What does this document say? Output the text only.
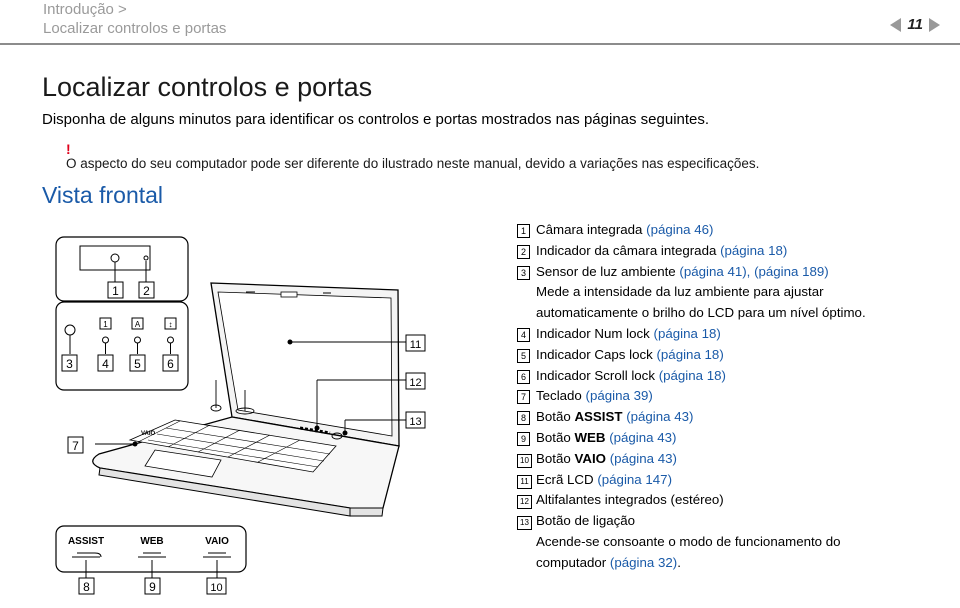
Introdução >
Localizar controlos e portas	11
Localizar controlos e portas
Disponha de alguns minutos para identificar os controlos e portas mostrados nas páginas seguintes.
!
O aspecto do seu computador pode ser diferente do ilustrado neste manual, devido a variações nas especificações.
Vista frontal
1	A	↕
ASSIST	WEB	VAIO
VAIO
1 2
3 4 5 6
7
8	9	10
11
12
13
1 Câmara integrada (página 46)
2 Indicador da câmara integrada (página 18)
3 Sensor de luz ambiente (página 41), (página 189)
Mede a intensidade da luz ambiente para ajustar
automaticamente o brilho do LCD para um nível óptimo.
4 Indicador Num lock (página 18)
5 Indicador Caps lock (página 18)
6 Indicador Scroll lock (página 18)
7 Teclado (página 39)
8 Botão ASSIST (página 43)
9 Botão WEB (página 43)
10 Botão VAIO (página 43)
11 Ecrã LCD (página 147)
12 Altifalantes integrados (estéreo)
13 Botão de ligação
Acende-se consoante o modo de funcionamento do
computador (página 32).
